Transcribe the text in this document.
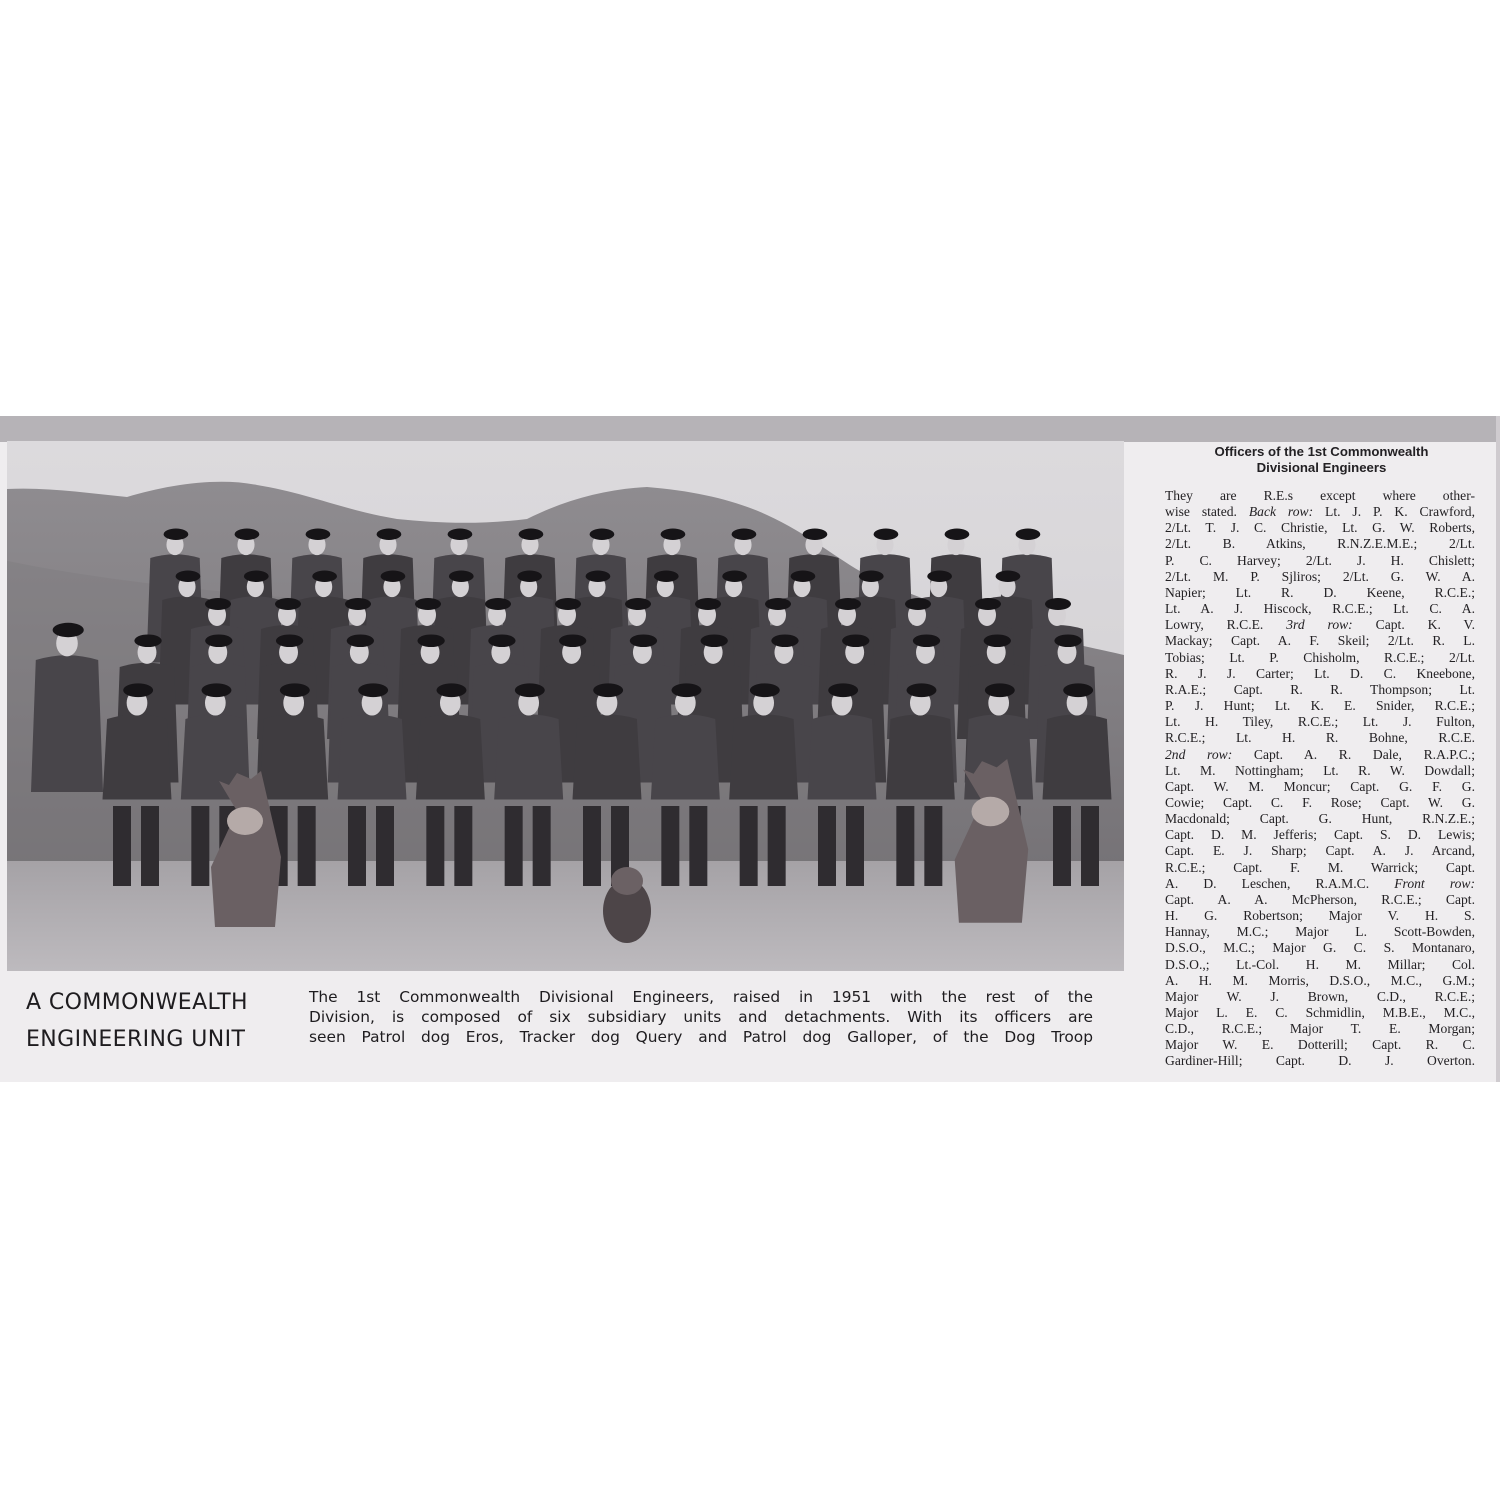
A COMMONWEALTH
ENGINEERING UNIT
The 1st Commonwealth Divisional Engineers, raised in 1951 with the rest of the
Division, is composed of six subsidiary units and detachments. With its officers are
seen Patrol dog Eros, Tracker dog Query and Patrol dog Galloper, of the Dog Troop
Officers of the 1st Commonwealth
Divisional Engineers
They are R.E.s except where other-
wise stated. Back row: Lt. J. P. K. Crawford,
2/Lt. T. J. C. Christie, Lt. G. W. Roberts,
2/Lt. B. Atkins, R.N.Z.E.M.E.; 2/Lt.
P. C. Harvey; 2/Lt. J. H. Chislett;
2/Lt. M. P. Sjliros; 2/Lt. G. W. A.
Napier; Lt. R. D. Keene, R.C.E.;
Lt. A. J. Hiscock, R.C.E.; Lt. C. A.
Lowry, R.C.E. 3rd row: Capt. K. V.
Mackay; Capt. A. F. Skeil; 2/Lt. R. L.
Tobias; Lt. P. Chisholm, R.C.E.; 2/Lt.
R. J. J. Carter; Lt. D. C. Kneebone,
R.A.E.; Capt. R. R. Thompson; Lt.
P. J. Hunt; Lt. K. E. Snider, R.C.E.;
Lt. H. Tiley, R.C.E.; Lt. J. Fulton,
R.C.E.; Lt. H. R. Bohne, R.C.E.
2nd row: Capt. A. R. Dale, R.A.P.C.;
Lt. M. Nottingham; Lt. R. W. Dowdall;
Capt. W. M. Moncur; Capt. G. F. G.
Cowie; Capt. C. F. Rose; Capt. W. G.
Macdonald; Capt. G. Hunt, R.N.Z.E.;
Capt. D. M. Jefferis; Capt. S. D. Lewis;
Capt. E. J. Sharp; Capt. A. J. Arcand,
R.C.E.; Capt. F. M. Warrick; Capt.
A. D. Leschen, R.A.M.C. Front row:
Capt. A. A. McPherson, R.C.E.; Capt.
H. G. Robertson; Major V. H. S.
Hannay, M.C.; Major L. Scott-Bowden,
D.S.O., M.C.; Major G. C. S. Montanaro,
D.S.O.,; Lt.-Col. H. M. Millar; Col.
A. H. M. Morris, D.S.O., M.C., G.M.;
Major W. J. Brown, C.D., R.C.E.;
Major L. E. C. Schmidlin, M.B.E., M.C.,
C.D., R.C.E.; Major T. E. Morgan;
Major W. E. Dotterill; Capt. R. C.
Gardiner-Hill; Capt. D. J. Overton.
